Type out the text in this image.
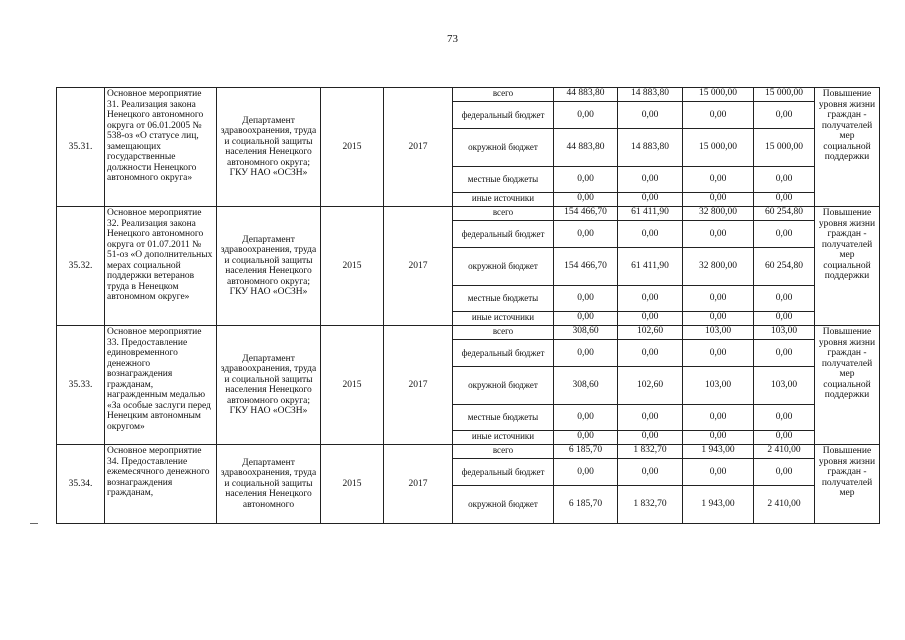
73
35.31.	Основное мероприятие 31. Реализация закона Ненецкого автономного округа от 06.01.2005 № 538-оз «О статусе лиц, замещающих государственные должности Ненецкого автономного округа»	Департамент здравоохранения, труда и социальной защиты населения Ненецкого автономного округа; ГКУ НАО «ОСЗН»	2015	2017	всего	44 883,80	14 883,80	15 000,00	15 000,00	Повышение уровня жизни граждан - получателей мер социальной поддержки
					федеральный бюджет	0,00	0,00	0,00	0,00	
					окружной бюджет	44 883,80	14 883,80	15 000,00	15 000,00	
					местные бюджеты	0,00	0,00	0,00	0,00	
					иные источники	0,00	0,00	0,00	0,00	
35.32.	Основное мероприятие 32. Реализация закона Ненецкого автономного округа от 01.07.2011 № 51-оз «О дополнительных мерах социальной поддержки ветеранов труда в Ненецком автономном округе»	Департамент здравоохранения, труда и социальной защиты населения Ненецкого автономного округа; ГКУ НАО «ОСЗН»	2015	2017	всего	154 466,70	61 411,90	32 800,00	60 254,80	Повышение уровня жизни граждан - получателей мер социальной поддержки
					федеральный бюджет	0,00	0,00	0,00	0,00	
					окружной бюджет	154 466,70	61 411,90	32 800,00	60 254,80	
					местные бюджеты	0,00	0,00	0,00	0,00	
					иные источники	0,00	0,00	0,00	0,00	
35.33.	Основное мероприятие 33. Предоставление единовременного денежного вознаграждения гражданам, награжденным медалью «За особые заслуги перед Ненецким автономным округом»	Департамент здравоохранения, труда и социальной защиты населения Ненецкого автономного округа; ГКУ НАО «ОСЗН»	2015	2017	всего	308,60	102,60	103,00	103,00	Повышение уровня жизни граждан - получателей мер социальной поддержки
					федеральный бюджет	0,00	0,00	0,00	0,00	
					окружной бюджет	308,60	102,60	103,00	103,00	
					местные бюджеты	0,00	0,00	0,00	0,00	
					иные источники	0,00	0,00	0,00	0,00	
35.34.	Основное мероприятие 34. Предоставление ежемесячного денежного вознаграждения гражданам,	Департамент здравоохранения, труда и социальной защиты населения Ненецкого автономного	2015	2017	всего	6 185,70	1 832,70	1 943,00	2 410,00	Повышение уровня жизни граждан - получателей мер
					федеральный бюджет	0,00	0,00	0,00	0,00	
					окружной бюджет	6 185,70	1 832,70	1 943,00	2 410,00	
